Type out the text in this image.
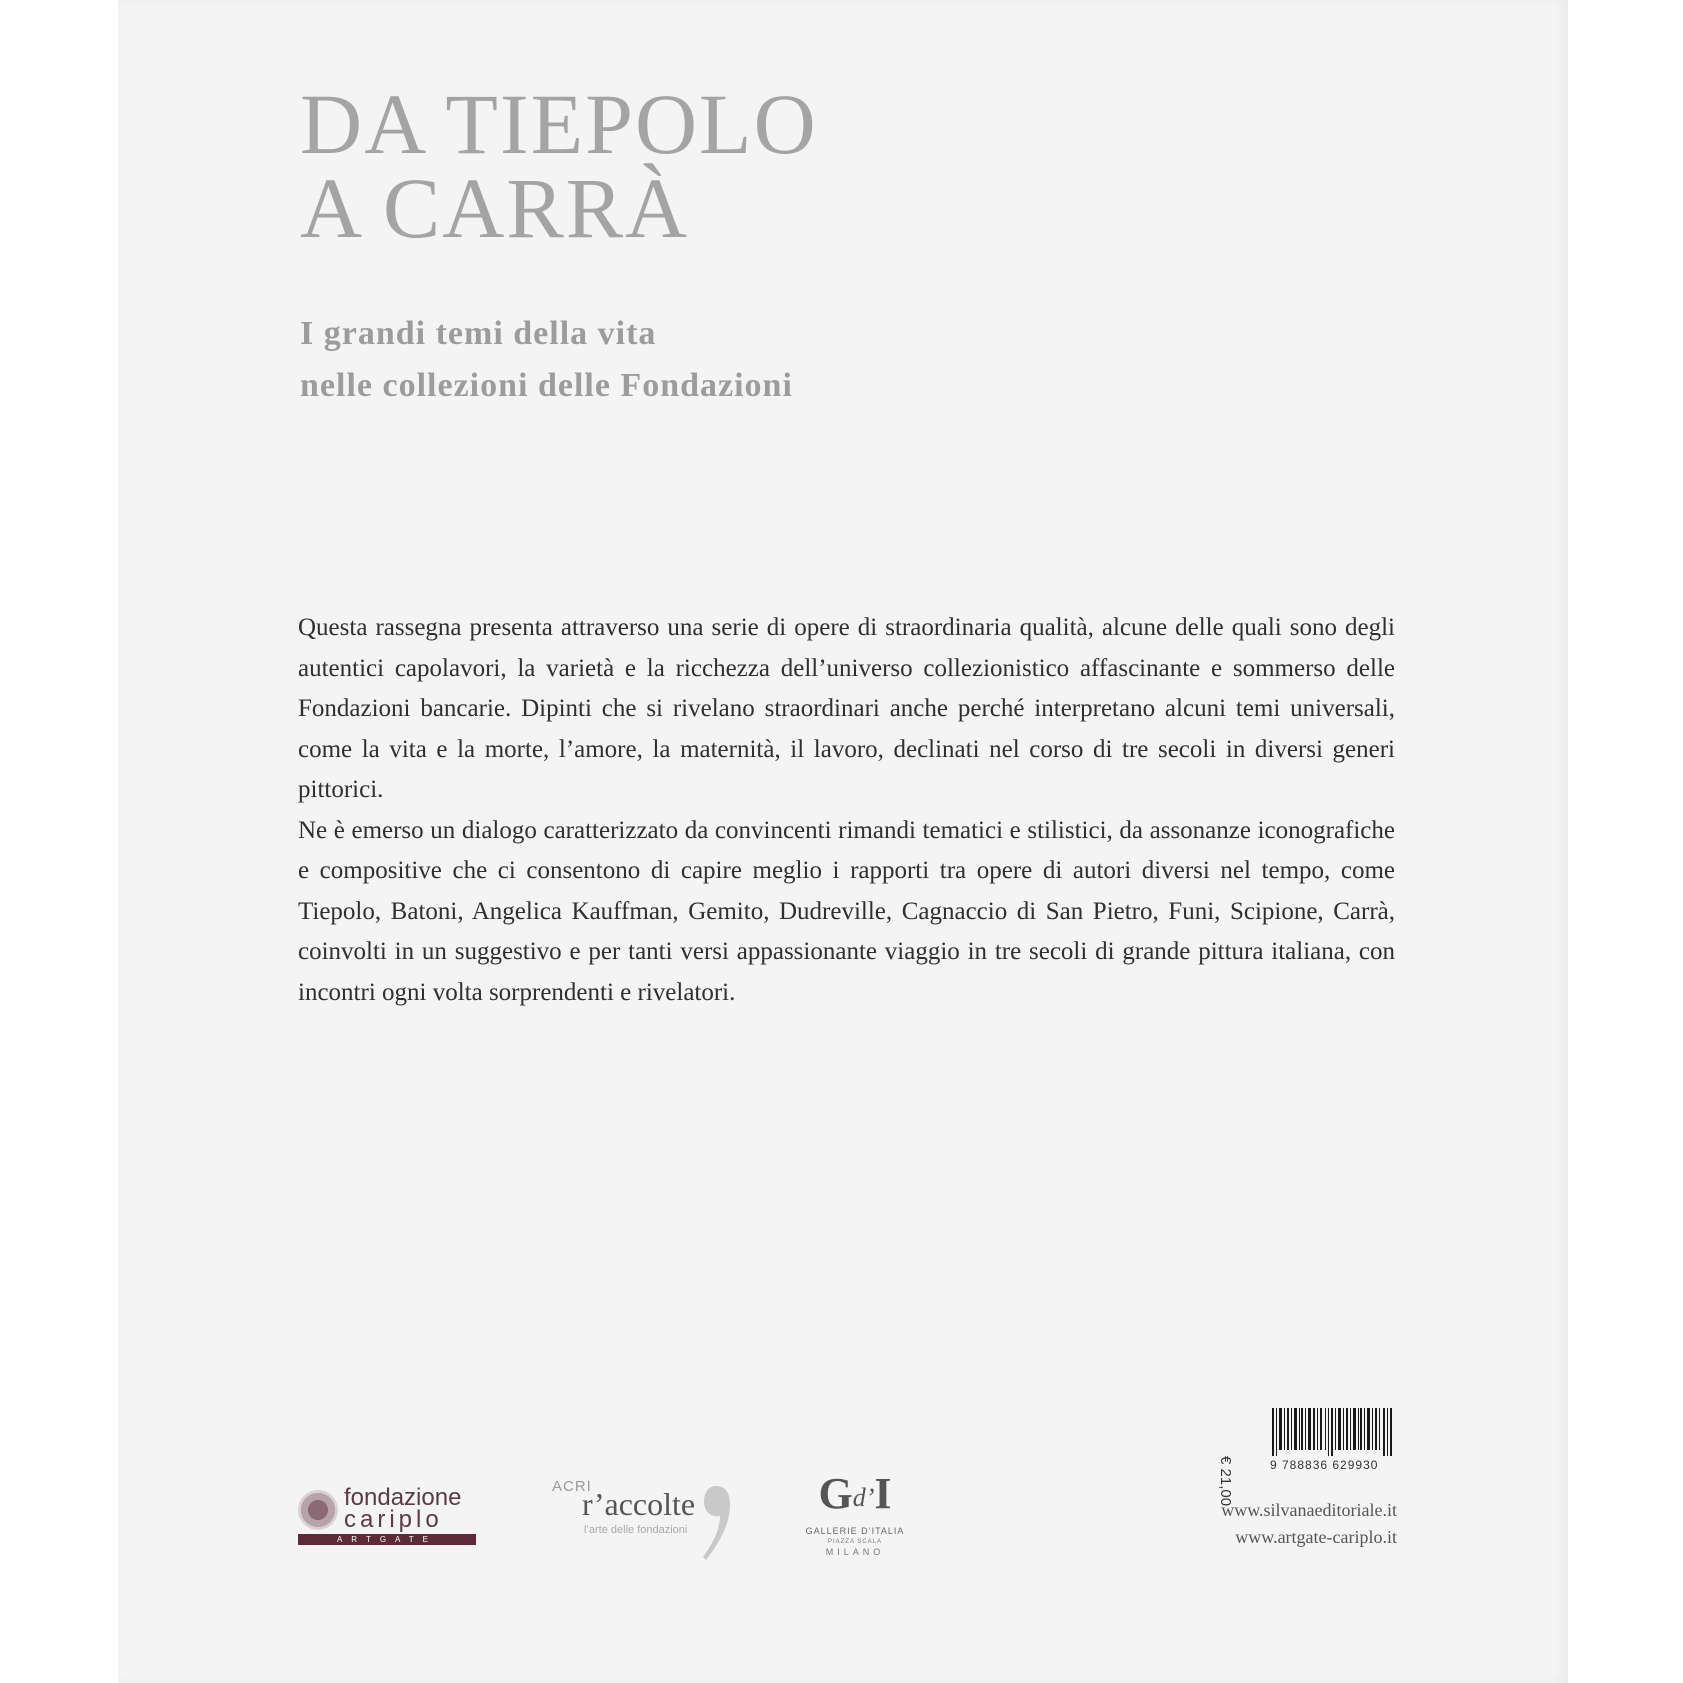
DA TIEPOLO
A CARRÀ
I grandi temi della vita
nelle collezioni delle Fondazioni

Questa rassegna presenta attraverso una serie di opere di straordinaria qualità, alcune delle quali sono degli autentici capolavori, la varietà e la ricchezza dell’universo collezionistico affascinante e sommerso delle Fondazioni bancarie. Dipinti che si rivelano straordinari anche perché interpretano alcuni temi universali, come la vita e la morte, l’amore, la maternità, il lavoro, declinati nel corso di tre secoli in diversi generi pittorici.

Ne è emerso un dialogo caratterizzato da convincenti rimandi tematici e stilistici, da assonanze iconografiche e compositive che ci consentono di capire meglio i rapporti tra opere di autori diversi nel tempo, come Tiepolo, Batoni, Angelica Kauffman, Gemito, Dudreville, Cagnaccio di San Pietro, Funi, Scipione, Carrà, coinvolti in un suggestivo e per tanti versi appassionante viaggio in tre secoli di grande pittura italiana, con incontri ogni volta sorprendenti e rivelatori.

fondazione
cariplo
ARTGATE
ACRI
r’accolte
l’arte delle fondazioni
Gd’I
GALLERIE D’ITALIA
PIAZZA SCALA
MILANO
€ 21,00	9 788836 629930
www.silvanaeditoriale.it
www.artgate-cariplo.it
